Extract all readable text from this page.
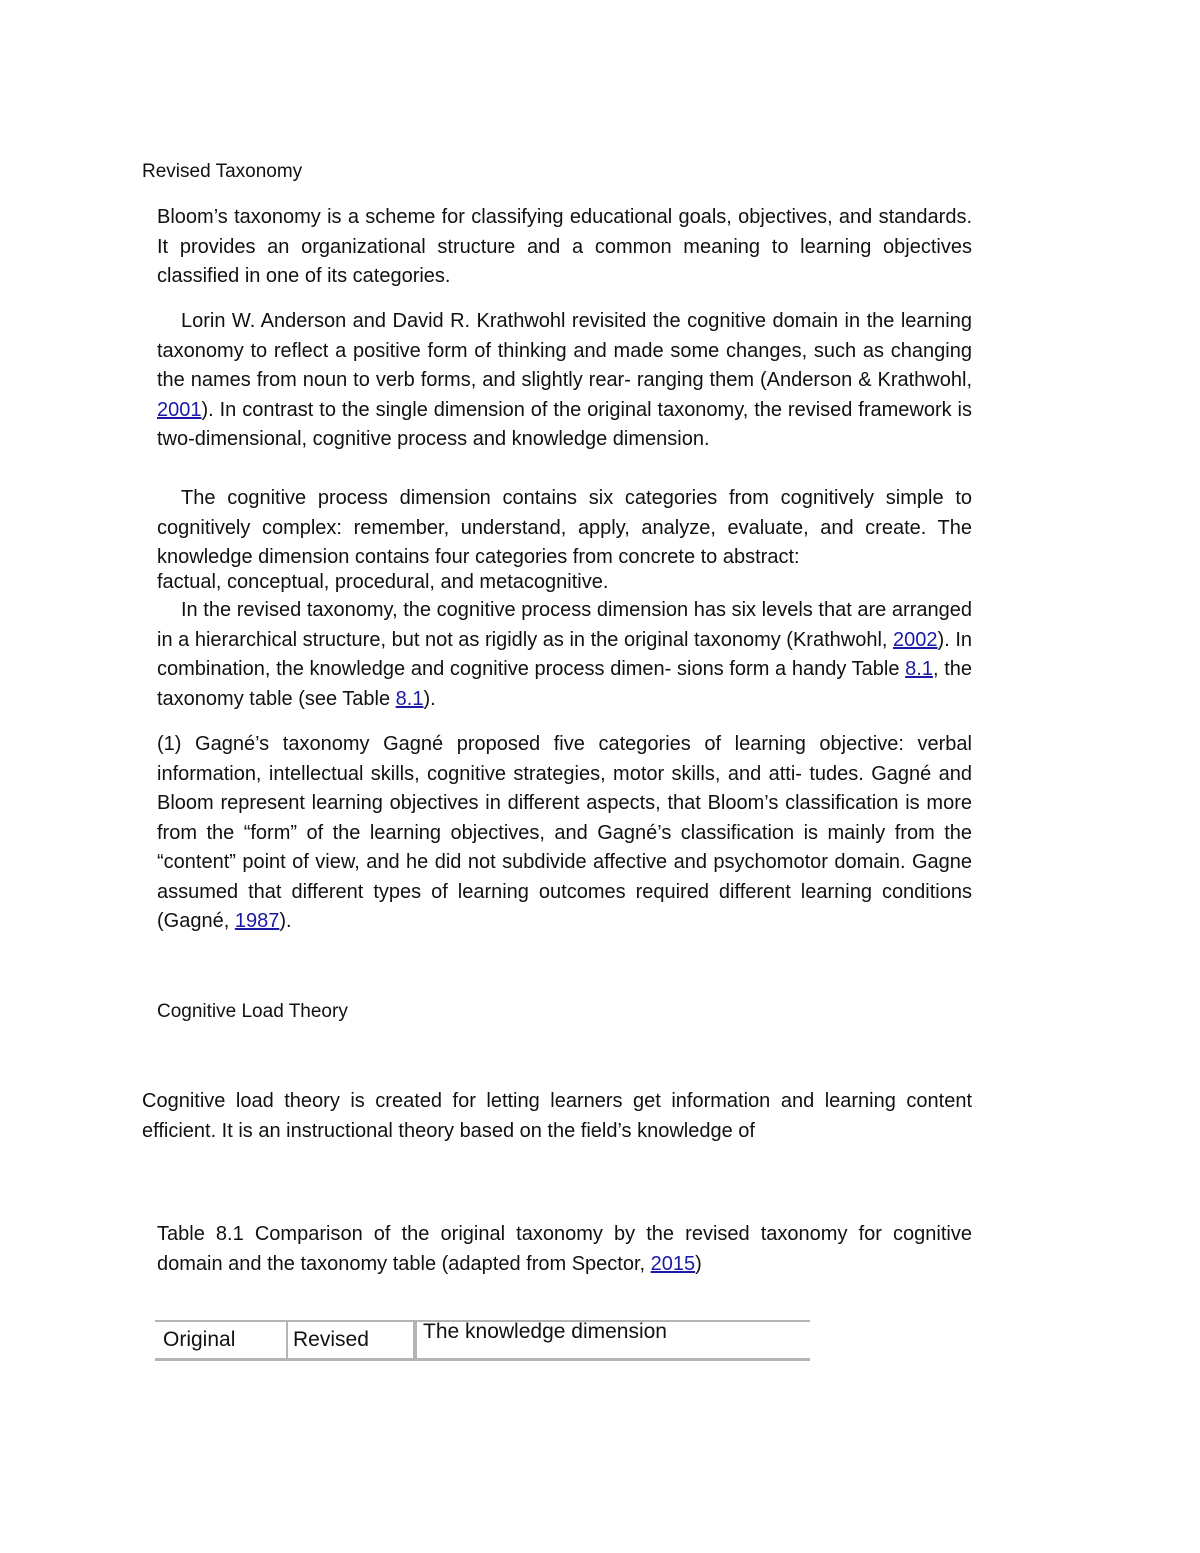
Revised Taxonomy

Bloom’s taxonomy is a scheme for classifying educational goals, objectives, and standards. It provides an organizational structure and a common meaning to learning objectives classified in one of its categories.

Lorin W. Anderson and David R. Krathwohl revisited the cognitive domain in the learning taxonomy to reflect a positive form of thinking and made some changes, such as changing the names from noun to verb forms, and slightly rear- ranging them (Anderson & Krathwohl, 2001). In contrast to the single dimension of the original taxonomy, the revised framework is two-dimensional, cognitive process and knowledge dimension.

The cognitive process dimension contains six categories from cognitively simple to cognitively complex: remember, understand, apply, analyze, evaluate, and create. The knowledge dimension contains four categories from concrete to abstract:

factual, conceptual, procedural, and metacognitive.

In the revised taxonomy, the cognitive process dimension has six levels that are arranged in a hierarchical structure, but not as rigidly as in the original taxonomy (Krathwohl, 2002). In combination, the knowledge and cognitive process dimen- sions form a handy Table 8.1, the taxonomy table (see Table 8.1).

(1) Gagné’s taxonomy Gagné proposed five categories of learning objective: verbal information, intellectual skills, cognitive strategies, motor skills, and atti- tudes. Gagné and Bloom represent learning objectives in different aspects, that Bloom’s classification is more from the “form” of the learning objectives, and Gagné’s classification is mainly from the “content” point of view, and he did not subdivide affective and psychomotor domain. Gagne assumed that different types of learning outcomes required different learning conditions (Gagné, 1987).

Cognitive Load Theory

Cognitive load theory is created for letting learners get information and learning content efficient. It is an instructional theory based on the field’s knowledge of

Table 8.1 Comparison of the original taxonomy by the revised taxonomy for cognitive domain and the taxonomy table (adapted from Spector, 2015)

Original	Revised	The knowledge dimension
